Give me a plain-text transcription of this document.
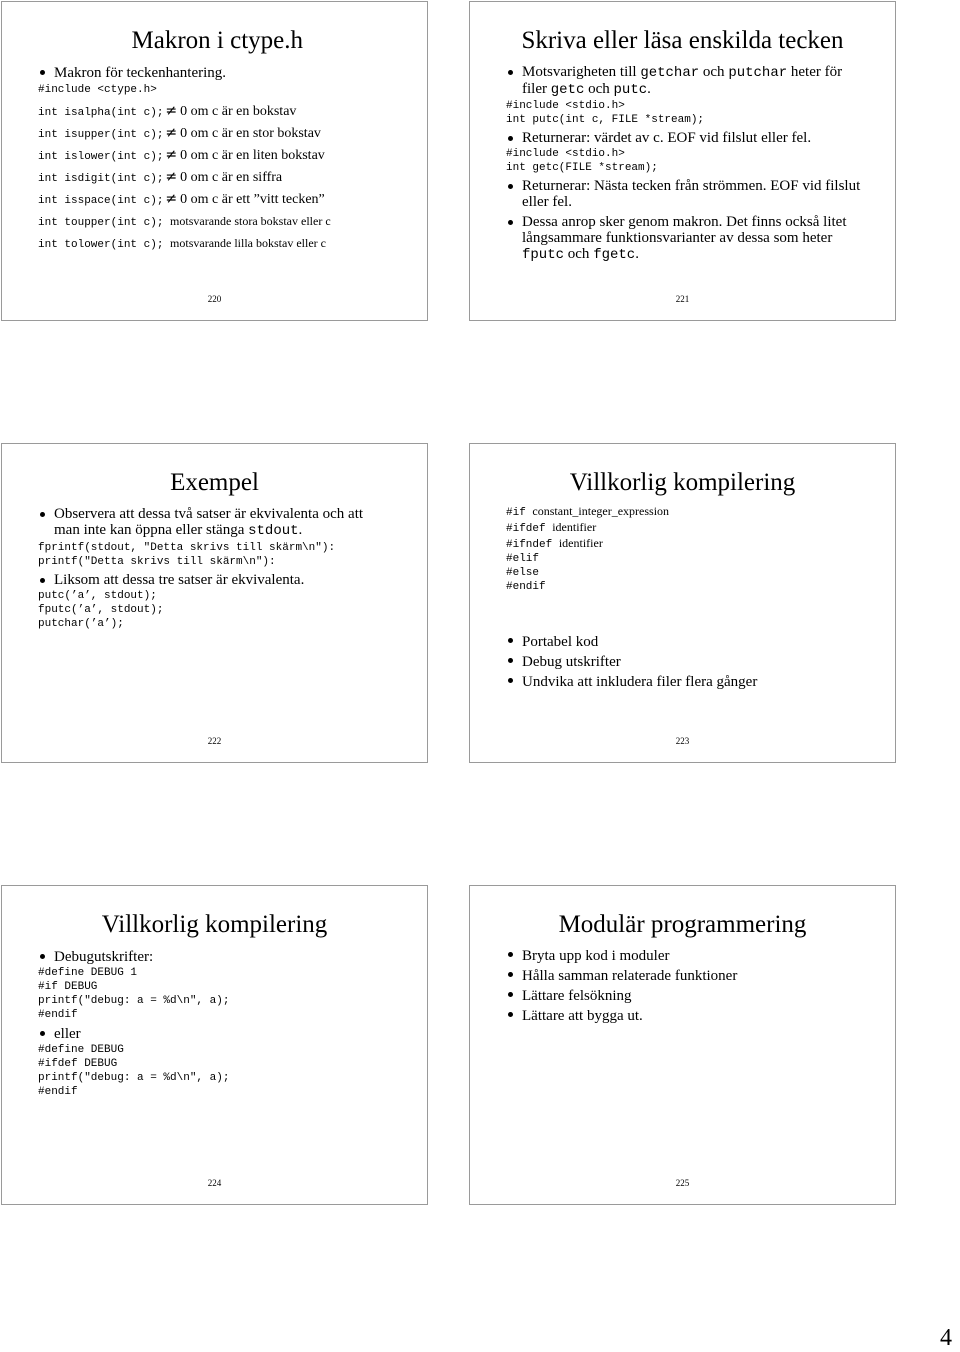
Makron i ctype.h
Makron för teckenhantering.
#include <ctype.h>
int isalpha(int c); ≠ 0 om c är en bokstav
int isupper(int c); ≠ 0 om c är en stor bokstav
int islower(int c); ≠ 0 om c är en liten bokstav
int isdigit(int c); ≠ 0 om c är en siffra
int isspace(int c); ≠ 0 om c är ett ”vitt tecken”
int toupper(int c); motsvarande stora bokstav eller c
int tolower(int c); motsvarande lilla bokstav eller c
220
Skriva eller läsa enskilda tecken
Motsvarigheten till getchar och putchar heter för filer getc och putc.
#include <stdio.h>
int putc(int c, FILE *stream);
Returnerar: värdet av c. EOF vid filslut eller fel.
#include <stdio.h>
int getc(FILE *stream);
Returnerar: Nästa tecken från strömmen. EOF vid filslut eller fel.
Dessa anrop sker genom makron. Det finns också litet långsammare funktionsvarianter av dessa som heter fputc och fgetc.
221
Exempel
Observera att dessa två satser är ekvivalenta och att man inte kan öppna eller stänga stdout.
fprintf(stdout, "Detta skrivs till skärm\n"):
printf("Detta skrivs till skärm\n"):
Liksom att dessa tre satser är ekvivalenta.
putc(’a’, stdout);
fputc(’a’, stdout);
putchar(’a’);
222
Villkorlig kompilering
#if constant_integer_expression
#ifdef identifier
#ifndef identifier
#elif
#else
#endif
Portabel kod
Debug utskrifter
Undvika att inkludera filer flera gånger
223
Villkorlig kompilering
Debugutskrifter:
#define DEBUG 1
#if DEBUG
printf("debug: a = %d\n", a);
#endif
eller
#define DEBUG
#ifdef DEBUG
printf("debug: a = %d\n", a);
#endif
224
Modulär programmering
Bryta upp kod i moduler
Hålla samman relaterade funktioner
Lättare felsökning
Lättare att bygga ut.
225
4
